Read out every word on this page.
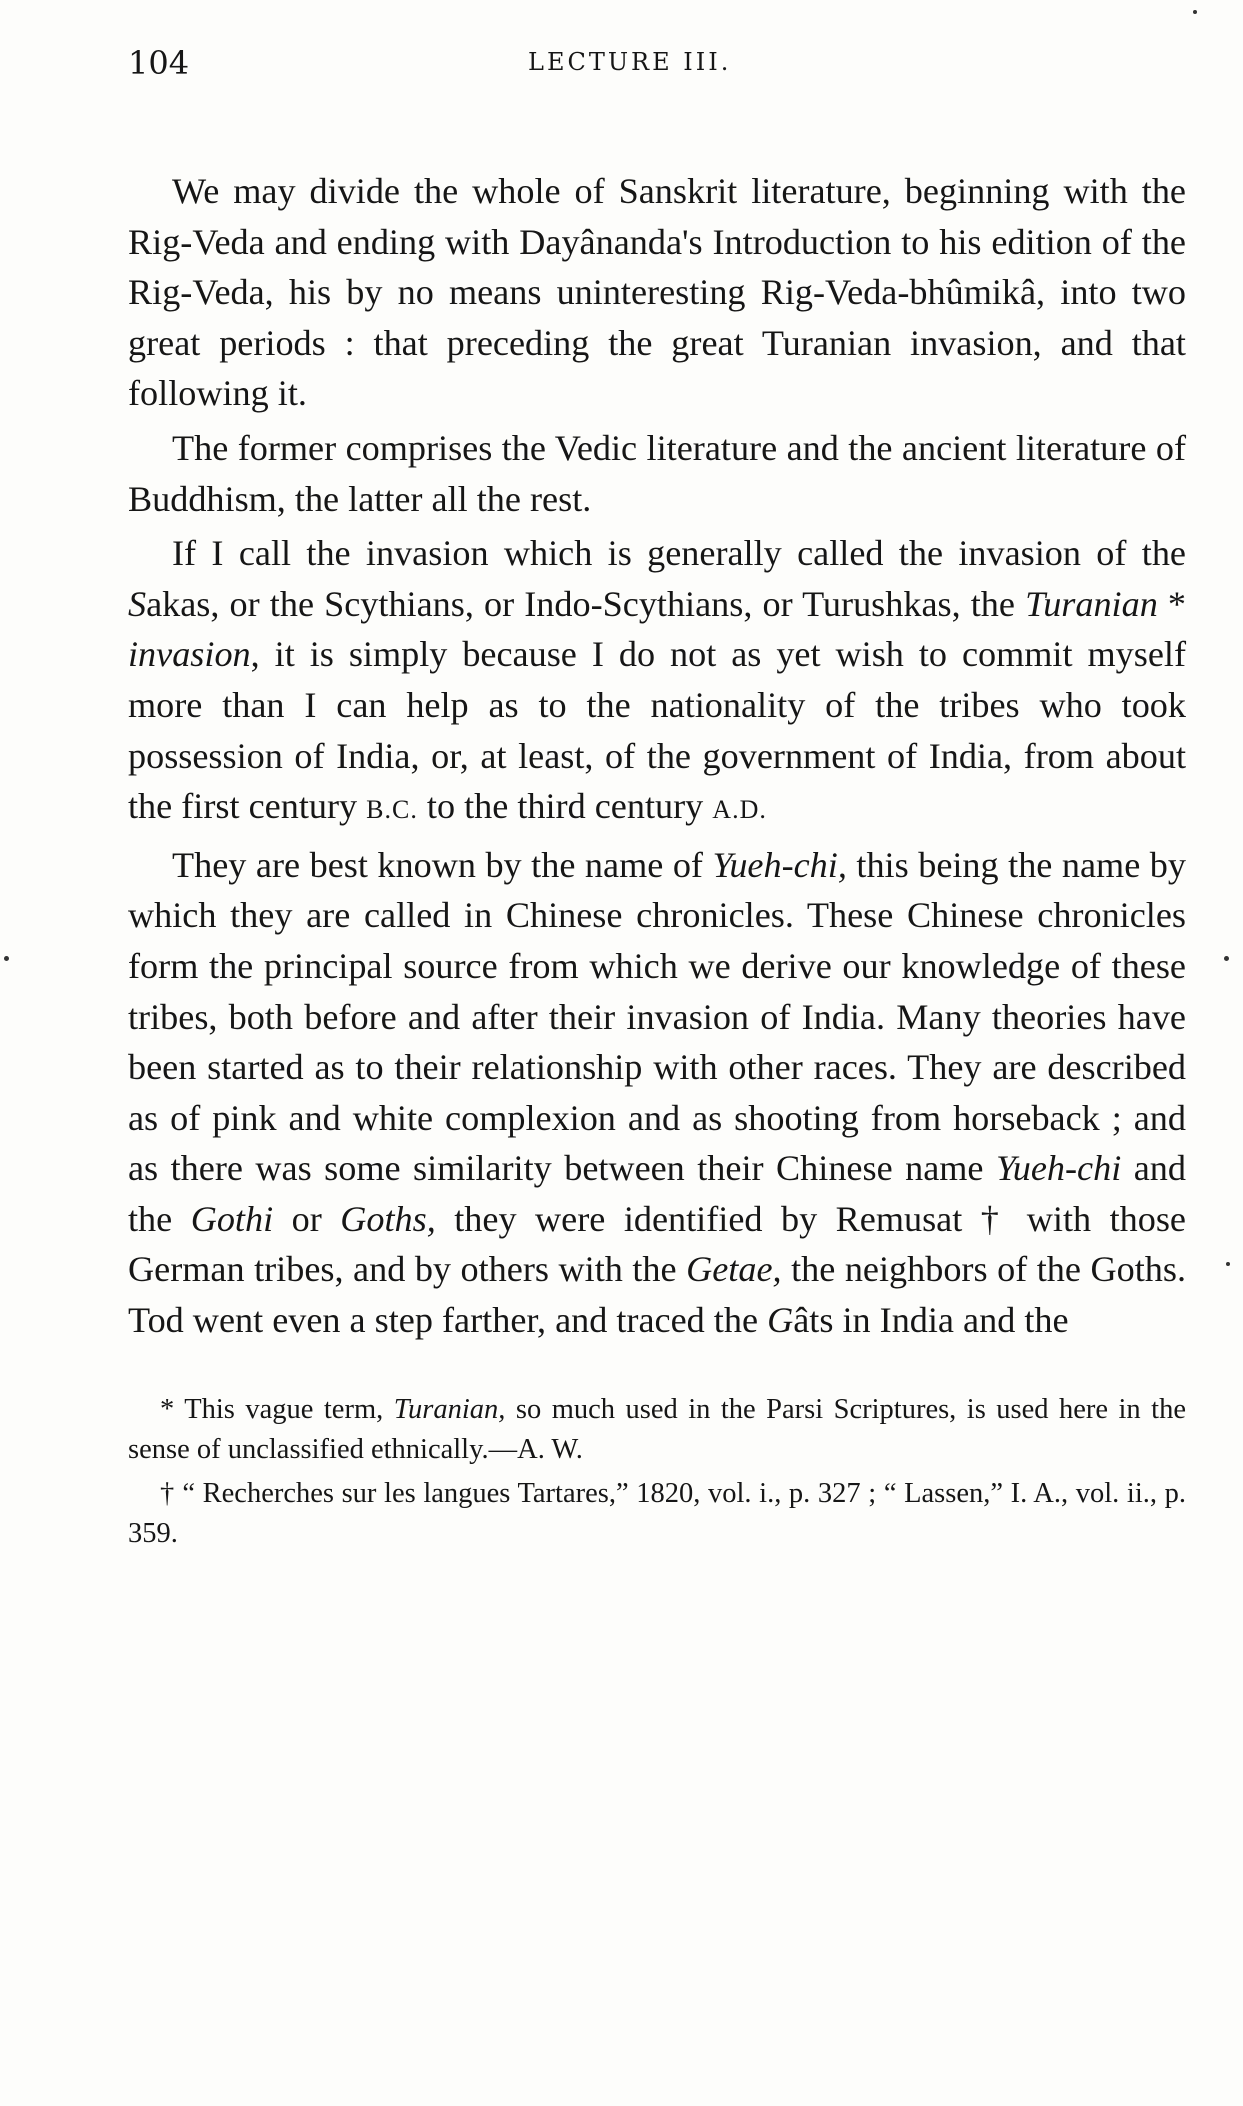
104	LECTURE III.

We may divide the whole of Sanskrit literature, beginning with the Rig-Veda and ending with Dayânanda's Introduction to his edition of the Rig-Veda, his by no means uninteresting Rig-Veda-bhûmikâ, into two great periods : that preceding the great Turanian invasion, and that following it.

The former comprises the Vedic literature and the ancient literature of Buddhism, the latter all the rest.

If I call the invasion which is generally called the invasion of the Sakas, or the Scythians, or Indo-Scythians, or Turushkas, the Turanian * invasion, it is simply because I do not as yet wish to commit myself more than I can help as to the nationality of the tribes who took possession of India, or, at least, of the government of India, from about the first century B.C. to the third century A.D.

They are best known by the name of Yueh-chi, this being the name by which they are called in Chinese chronicles. These Chinese chronicles form the principal source from which we derive our knowledge of these tribes, both before and after their invasion of India. Many theories have been started as to their relationship with other races. They are described as of pink and white complexion and as shooting from horseback ; and as there was some similarity between their Chinese name Yueh-chi and the Gothi or Goths, they were identified by Remusat † with those German tribes, and by others with the Getae, the neighbors of the Goths. Tod went even a step farther, and traced the Gâts in India and the

* This vague term, Turanian, so much used in the Parsi Scriptures, is used here in the sense of unclassified ethnically.—A. W.

† “ Recherches sur les langues Tartares,” 1820, vol. i., p. 327 ; “ Lassen,” I. A., vol. ii., p. 359.
